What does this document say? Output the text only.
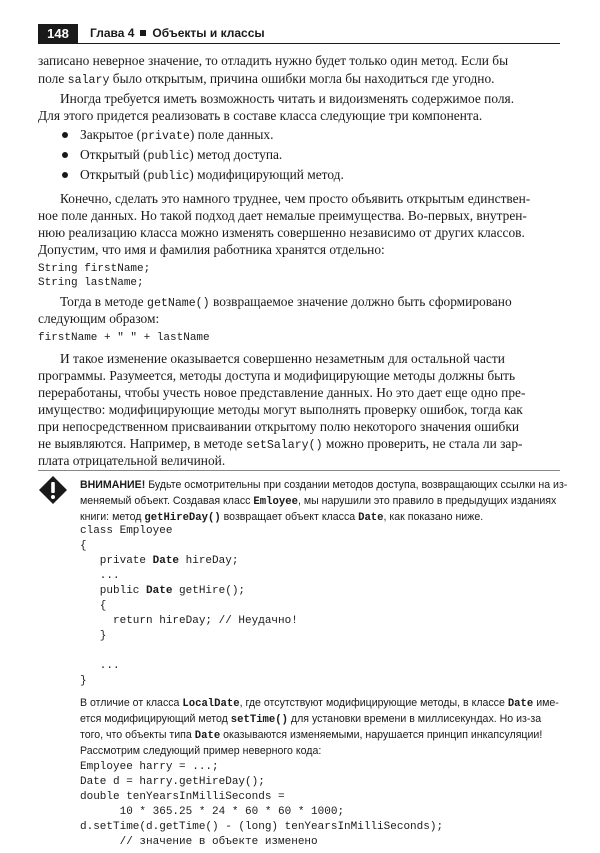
148	Глава 4 Объекты и классы
записано неверное значение, то отладить нужно будет только один метод. Если бы
поле salary было открытым, причина ошибки могла бы находиться где угодно.
Иногда требуется иметь возможность читать и видоизменять содержимое поля.
Для этого придется реализовать в составе класса следующие три компонента.
Закрытое (private) поле данных.
Открытый (public) метод доступа.
Открытый (public) модифицирующий метод.
Конечно, сделать это намного труднее, чем просто объявить открытым единствен-
ное поле данных. Но такой подход дает немалые преимущества. Во-первых, внутрен-
нюю реализацию класса можно изменять совершенно независимо от других классов.
Допустим, что имя и фамилия работника хранятся отдельно:
String firstName;
String lastName;
Тогда в методе getName() возвращаемое значение должно быть сформировано
следующим образом:
firstName + " " + lastName
И такое изменение оказывается совершенно незаметным для остальной части
программы. Разумеется, методы доступа и модифицирующие методы должны быть
переработаны, чтобы учесть новое представление данных. Но это дает еще одно пре-
имущество: модифицирующие методы могут выполнять проверку ошибок, тогда как
при непосредственном присваивании открытому полю некоторого значения ошибки
не выявляются. Например, в методе setSalary() можно проверить, не стала ли зар-
плата отрицательной величиной.
ВНИМАНИЕ! Будьте осмотрительны при создании методов доступа, возвращающих ссылки на из-
меняемый объект. Создавая класс Emloyee, мы нарушили это правило в предыдущих изданиях
книги: метод getHireDay() возвращает объект класса Date, как показано ниже.
class Employee
{
private Date hireDay;
...
public Date getHire();
{
return hireDay; // Неудачно!
}
...
}
В отличие от класса LocalDate, где отсутствуют модифицирующие методы, в классе Date име-
ется модифицирующий метод setTime() для установки времени в миллисекундах. Но из-за
того, что объекты типа Date оказываются изменяемыми, нарушается принцип инкапсуляции!
Рассмотрим следующий пример неверного кода:
Employee harry = ...;
Date d = harry.getHireDay();
double tenYearsInMilliSeconds =
10 * 365.25 * 24 * 60 * 60 * 1000;
d.setTime(d.getTime() - (long) tenYearsInMilliSeconds);
// значение в объекте изменено
